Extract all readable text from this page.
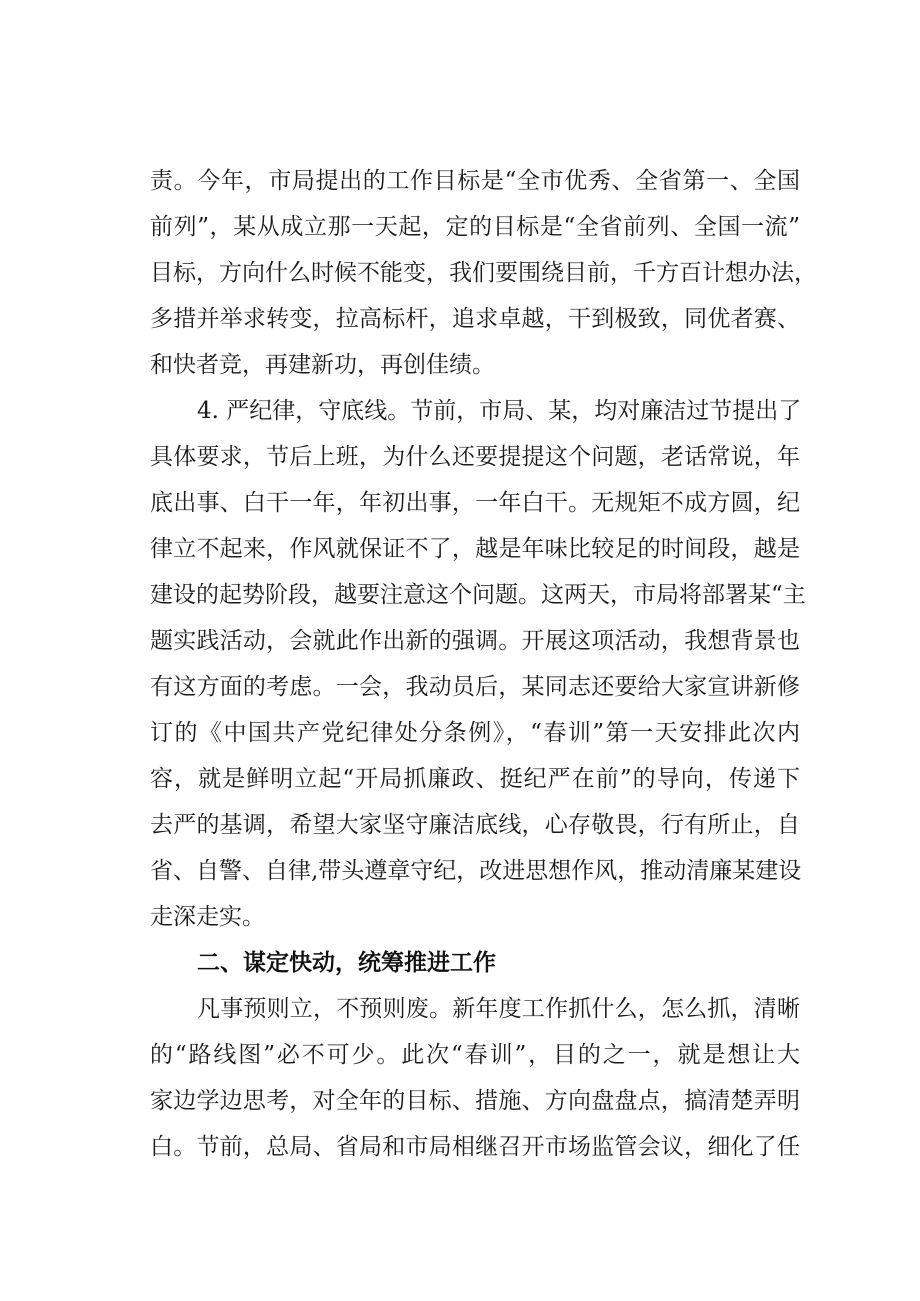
责。今年，市局提出的工作目标是“全市优秀、全省第一、全国
前列”，某从成立那一天起，定的目标是“全省前列、全国一流”
目标，方向什么时候不能变，我们要围绕目前，千方百计想办法，
多措并举求转变，拉高标杆，追求卓越，干到极致，同优者赛、
和快者竞，再建新功，再创佳绩。
4. 严纪律，守底线。节前，市局、某，均对廉洁过节提出了
具体要求，节后上班，为什么还要提提这个问题，老话常说，年
底出事、白干一年，年初出事，一年白干。无规矩不成方圆，纪
律立不起来，作风就保证不了，越是年味比较足的时间段，越是
建设的起势阶段，越要注意这个问题。这两天，市局将部署某“主
题实践活动，会就此作出新的强调。开展这项活动，我想背景也
有这方面的考虑。一会，我动员后，某同志还要给大家宣讲新修
订的《中国共产党纪律处分条例》，“春训”第一天安排此次内
容，就是鲜明立起“开局抓廉政、挺纪严在前”的导向，传递下
去严的基调，希望大家坚守廉洁底线，心存敬畏，行有所止，自
省、自警、自律,带头遵章守纪，改进思想作风，推动清廉某建设
走深走实。
二、谋定快动，统筹推进工作
凡事预则立，不预则废。新年度工作抓什么，怎么抓，清晰
的“路线图”必不可少。此次“春训”，目的之一，就是想让大
家边学边思考，对全年的目标、措施、方向盘盘点，搞清楚弄明
白。节前，总局、省局和市局相继召开市场监管会议，细化了任
